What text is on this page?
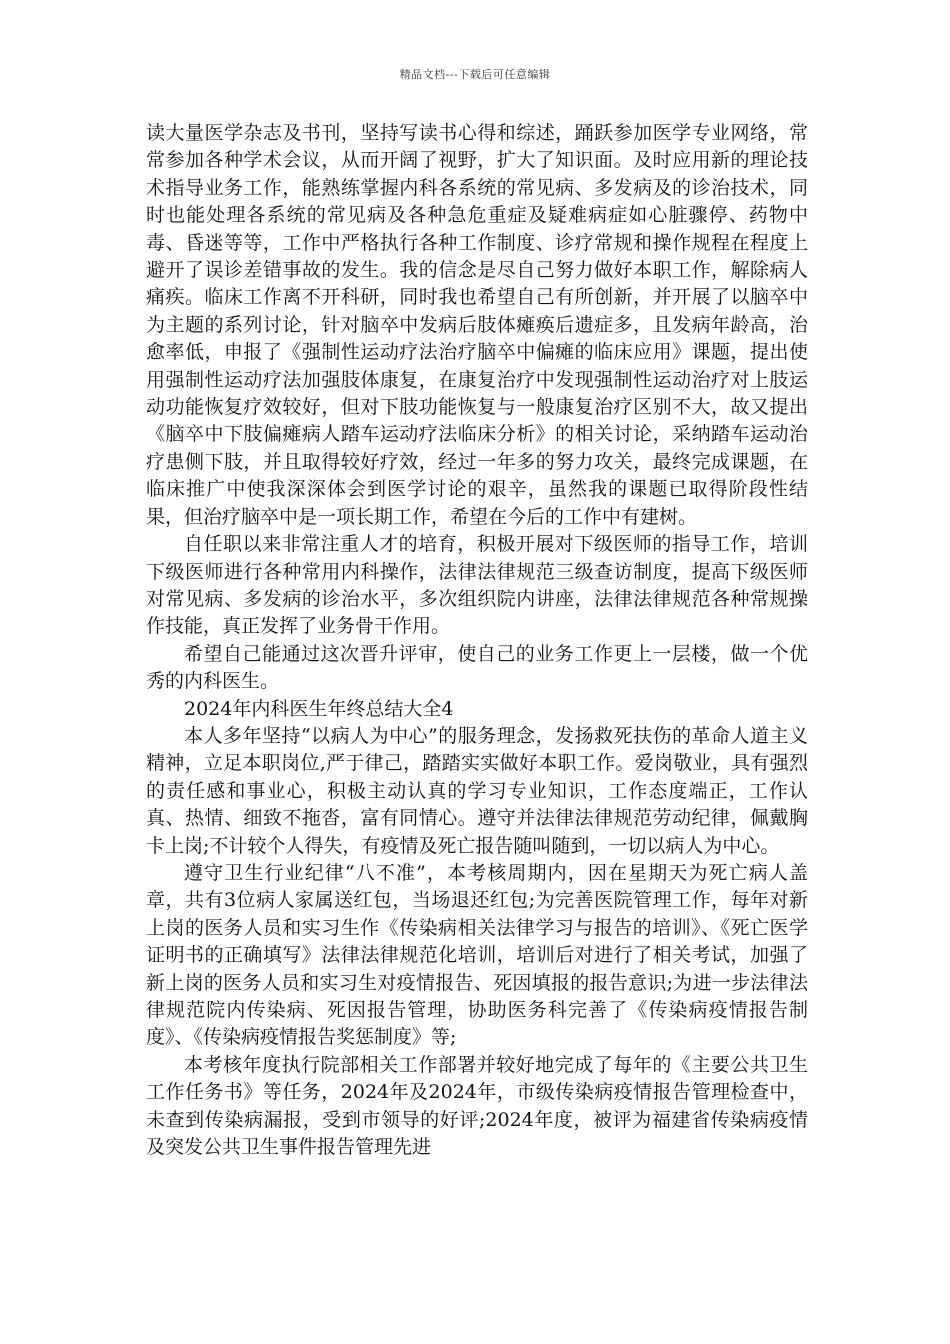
精品文档---下载后可任意编辑

读大量医学杂志及书刊，坚持写读书心得和综述，踊跃参加医学专业网络，常常参加各种学术会议，从而开阔了视野，扩大了知识面。及时应用新的理论技术指导业务工作，能熟练掌握内科各系统的常见病、多发病及的诊治技术，同时也能处理各系统的常见病及各种急危重症及疑难病症如心脏骤停、药物中毒、昏迷等等，工作中严格执行各种工作制度、诊疗常规和操作规程在程度上避开了误诊差错事故的发生。我的信念是尽自己努力做好本职工作，解除病人痛疾。临床工作离不开科研，同时我也希望自己有所创新，并开展了以脑卒中为主题的系列讨论，针对脑卒中发病后肢体瘫痪后遗症多，且发病年龄高，治愈率低，申报了《强制性运动疗法治疗脑卒中偏瘫的临床应用》课题，提出使用强制性运动疗法加强肢体康复，在康复治疗中发现强制性运动治疗对上肢运动功能恢复疗效较好，但对下肢功能恢复与一般康复治疗区别不大，故又提出《脑卒中下肢偏瘫病人踏车运动疗法临床分析》的相关讨论，采纳踏车运动治疗患侧下肢，并且取得较好疗效，经过一年多的努力攻关，最终完成课题，在临床推广中使我深深体会到医学讨论的艰辛，虽然我的课题已取得阶段性结果，但治疗脑卒中是一项长期工作，希望在今后的工作中有建树。

自任职以来非常注重人才的培育，积极开展对下级医师的指导工作，培训下级医师进行各种常用内科操作，法律法律规范三级查访制度，提高下级医师对常见病、多发病的诊治水平，多次组织院内讲座，法律法律规范各种常规操作技能，真正发挥了业务骨干作用。

希望自己能通过这次晋升评审，使自己的业务工作更上一层楼，做一个优秀的内科医生。

2024年内科医生年终总结大全4

本人多年坚持“以病人为中心”的服务理念，发扬救死扶伤的革命人道主义精神，立足本职岗位,严于律己，踏踏实实做好本职工作。爱岗敬业，具有强烈的责任感和事业心，积极主动认真的学习专业知识，工作态度端正，工作认真、热情、细致不拖沓，富有同情心。遵守并法律法律规范劳动纪律，佩戴胸卡上岗;不计较个人得失，有疫情及死亡报告随叫随到，一切以病人为中心。

遵守卫生行业纪律“八不准”，本考核周期内，因在星期天为死亡病人盖章，共有3位病人家属送红包，当场退还红包;为完善医院管理工作，每年对新上岗的医务人员和实习生作《传染病相关法律学习与报告的培训》、《死亡医学证明书的正确填写》法律法律规范化培训，培训后对进行了相关考试，加强了新上岗的医务人员和实习生对疫情报告、死因填报的报告意识;为进一步法律法律规范院内传染病、死因报告管理，协助医务科完善了《传染病疫情报告制度》、《传染病疫情报告奖惩制度》等;

本考核年度执行院部相关工作部署并较好地完成了每年的《主要公共卫生工作任务书》等任务，2024年及2024年，市级传染病疫情报告管理检查中，未查到传染病漏报，受到市领导的好评;2024年度，被评为福建省传染病疫情及突发公共卫生事件报告管理先进
